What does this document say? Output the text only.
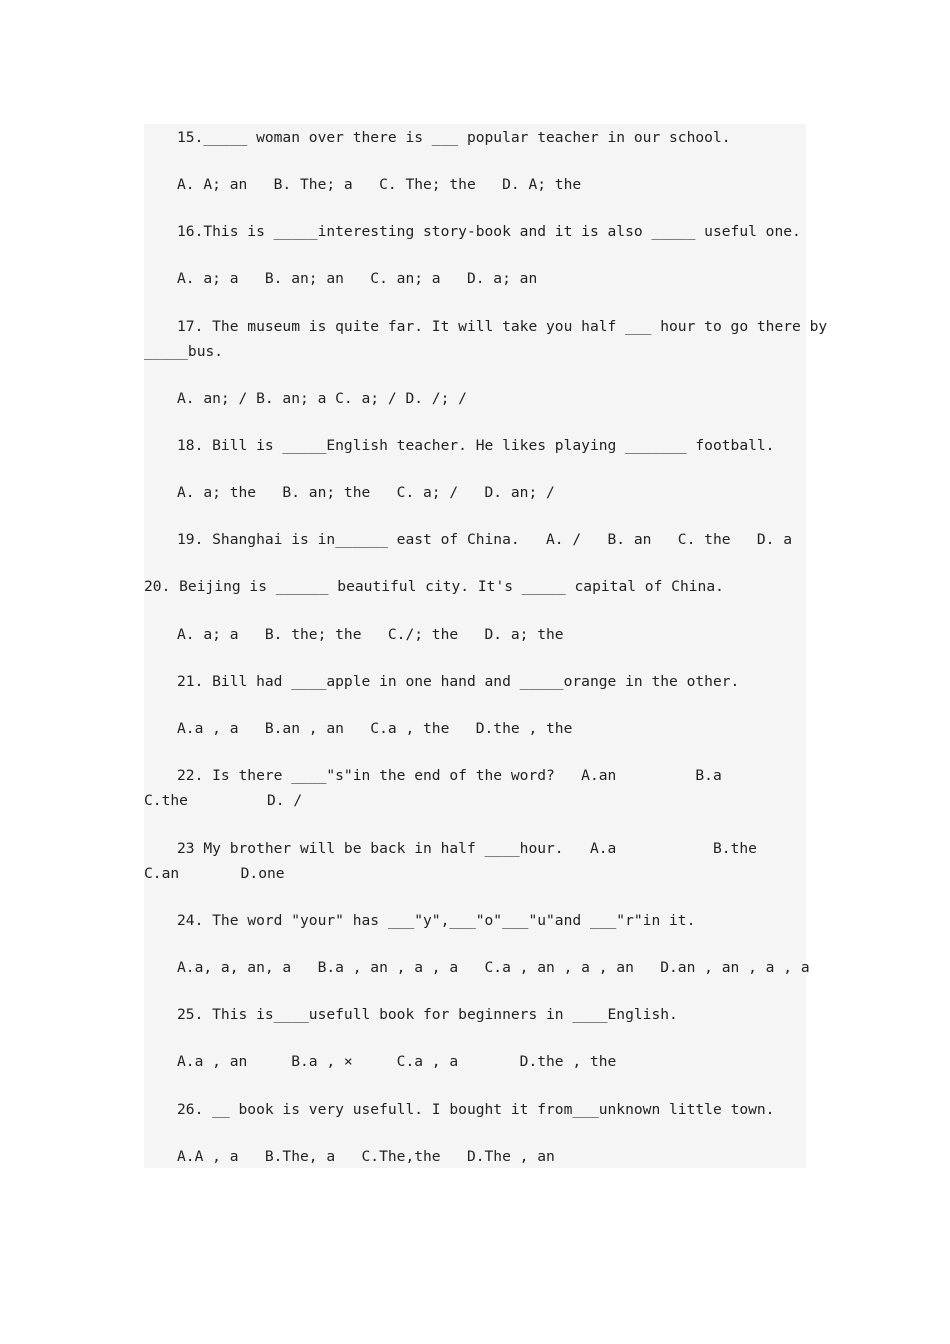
15._____ woman over there is ___ popular teacher in our school.
A. A; an   B. The; a   C. The; the   D. A; the
16.This is _____interesting story-book and it is also _____ useful one.
A. a; a   B. an; an   C. an; a   D. a; an
17. The museum is quite far. It will take you half ___ hour to go there by
_____bus.
A. an; / B. an; a C. a; / D. /; /
18. Bill is _____English teacher. He likes playing _______ football.
A. a; the   B. an; the   C. a; /   D. an; /
19. Shanghai is in______ east of China.   A. /   B. an   C. the   D. a
20. Beijing is ______ beautiful city. It's _____ capital of China.
A. a; a   B. the; the   C./; the   D. a; the
21. Bill had ____apple in one hand and _____orange in the other.
A.a , a   B.an , an   C.a , the   D.the , the
22. Is there ____"s"in the end of the word?   A.an         B.a
C.the         D. /
23 My brother will be back in half ____hour.   A.a           B.the
C.an       D.one
24. The word "your" has ___"y",___"o"___"u"and ___"r"in it.
A.a, a, an, a   B.a , an , a , a   C.a , an , a , an   D.an , an , a , a
25. This is____usefull book for beginners in ____English.
A.a , an     B.a , ×     C.a , a       D.the , the
26. __ book is very usefull. I bought it from___unknown little town.
A.A , a   B.The, a   C.The,the   D.The , an
